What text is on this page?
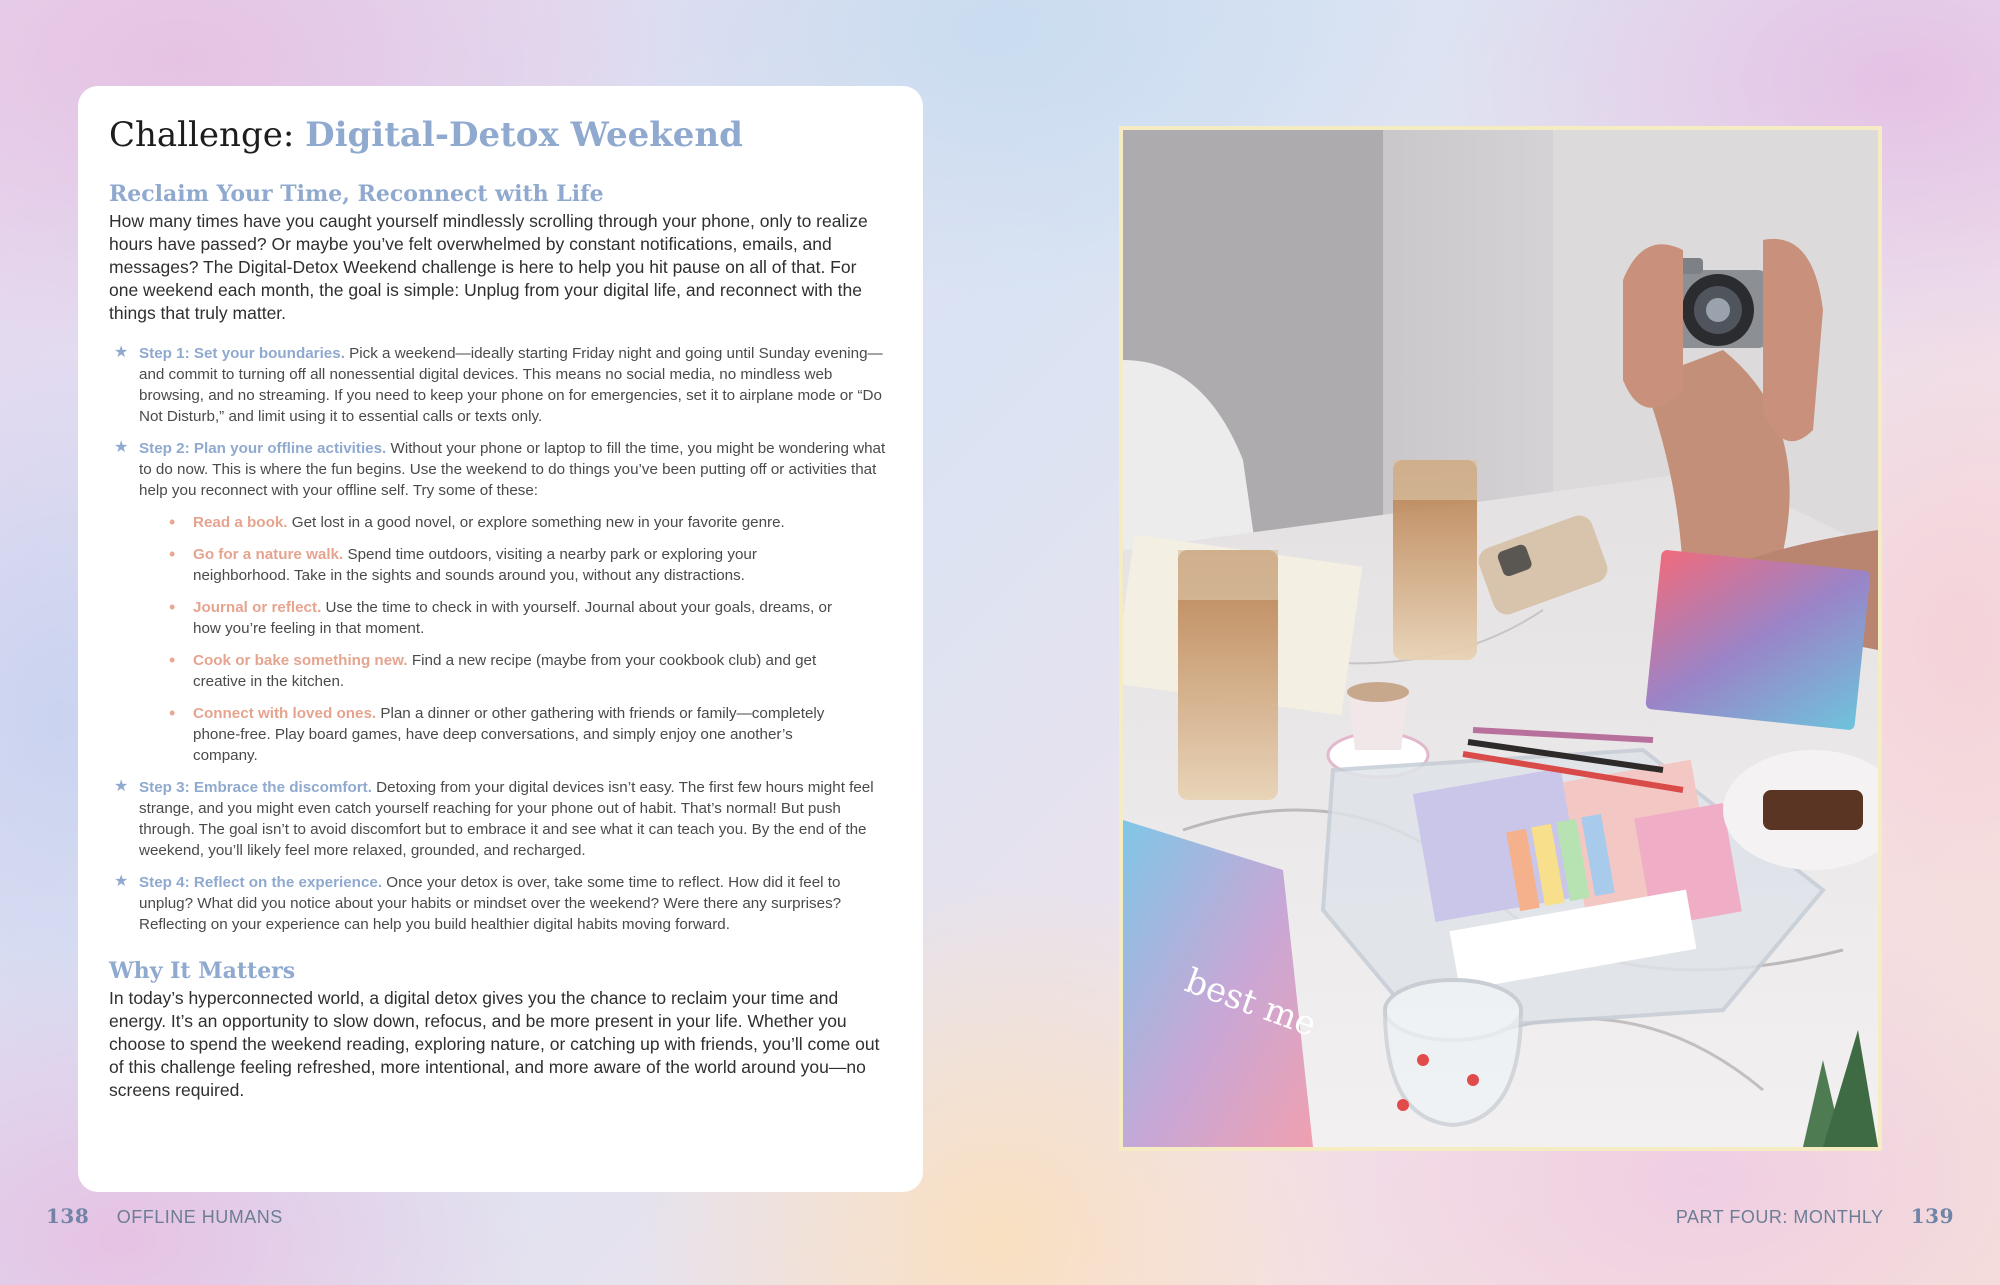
Challenge: Digital-Detox Weekend
Reclaim Your Time, Reconnect with Life

How many times have you caught yourself mindlessly scrolling through your phone, only to realize hours have passed? Or maybe you’ve felt overwhelmed by constant notifications, emails, and messages? The Digital-Detox Weekend challenge is here to help you hit pause on all of that. For one weekend each month, the goal is simple: Unplug from your digital life, and reconnect with the things that truly matter.

★ Step 1: Set your boundaries. Pick a weekend—ideally starting Friday night and going until Sunday evening—and commit to turning off all nonessential digital devices. This means no social media, no mindless web browsing, and no streaming. If you need to keep your phone on for emergencies, set it to airplane mode or “Do Not Disturb,” and limit using it to essential calls or texts only.
★ Step 2: Plan your offline activities. Without your phone or laptop to fill the time, you might be wondering what to do now. This is where the fun begins. Use the weekend to do things you’ve been putting off or activities that help you reconnect with your offline self. Try some of these:
• Read a book. Get lost in a good novel, or explore something new in your favorite genre.
• Go for a nature walk. Spend time outdoors, visiting a nearby park or exploring your neighborhood. Take in the sights and sounds around you, without any distractions.
• Journal or reflect. Use the time to check in with yourself. Journal about your goals, dreams, or how you’re feeling in that moment.
• Cook or bake something new. Find a new recipe (maybe from your cookbook club) and get creative in the kitchen.
• Connect with loved ones. Plan a dinner or other gathering with friends or family—completely phone-free. Play board games, have deep conversations, and simply enjoy one another’s company.
★ Step 3: Embrace the discomfort. Detoxing from your digital devices isn’t easy. The first few hours might feel strange, and you might even catch yourself reaching for your phone out of habit. That’s normal! But push through. The goal isn’t to avoid discomfort but to embrace it and see what it can teach you. By the end of the weekend, you’ll likely feel more relaxed, grounded, and recharged.
★ Step 4: Reflect on the experience. Once your detox is over, take some time to reflect. How did it feel to unplug? What did you notice about your habits or mindset over the weekend? Were there any surprises? Reflecting on your experience can help you build healthier digital habits moving forward.
Why It Matters

In today’s hyperconnected world, a digital detox gives you the chance to reclaim your time and energy. It’s an opportunity to slow down, refocus, and be more present in your life. Whether you choose to spend the weekend reading, exploring nature, or catching up with friends, you’ll come out of this challenge feeling refreshed, more intentional, and more aware of the world around you—no screens required.

138 OFFLINE HUMANS	PART FOUR: MONTHLY 139
best me
